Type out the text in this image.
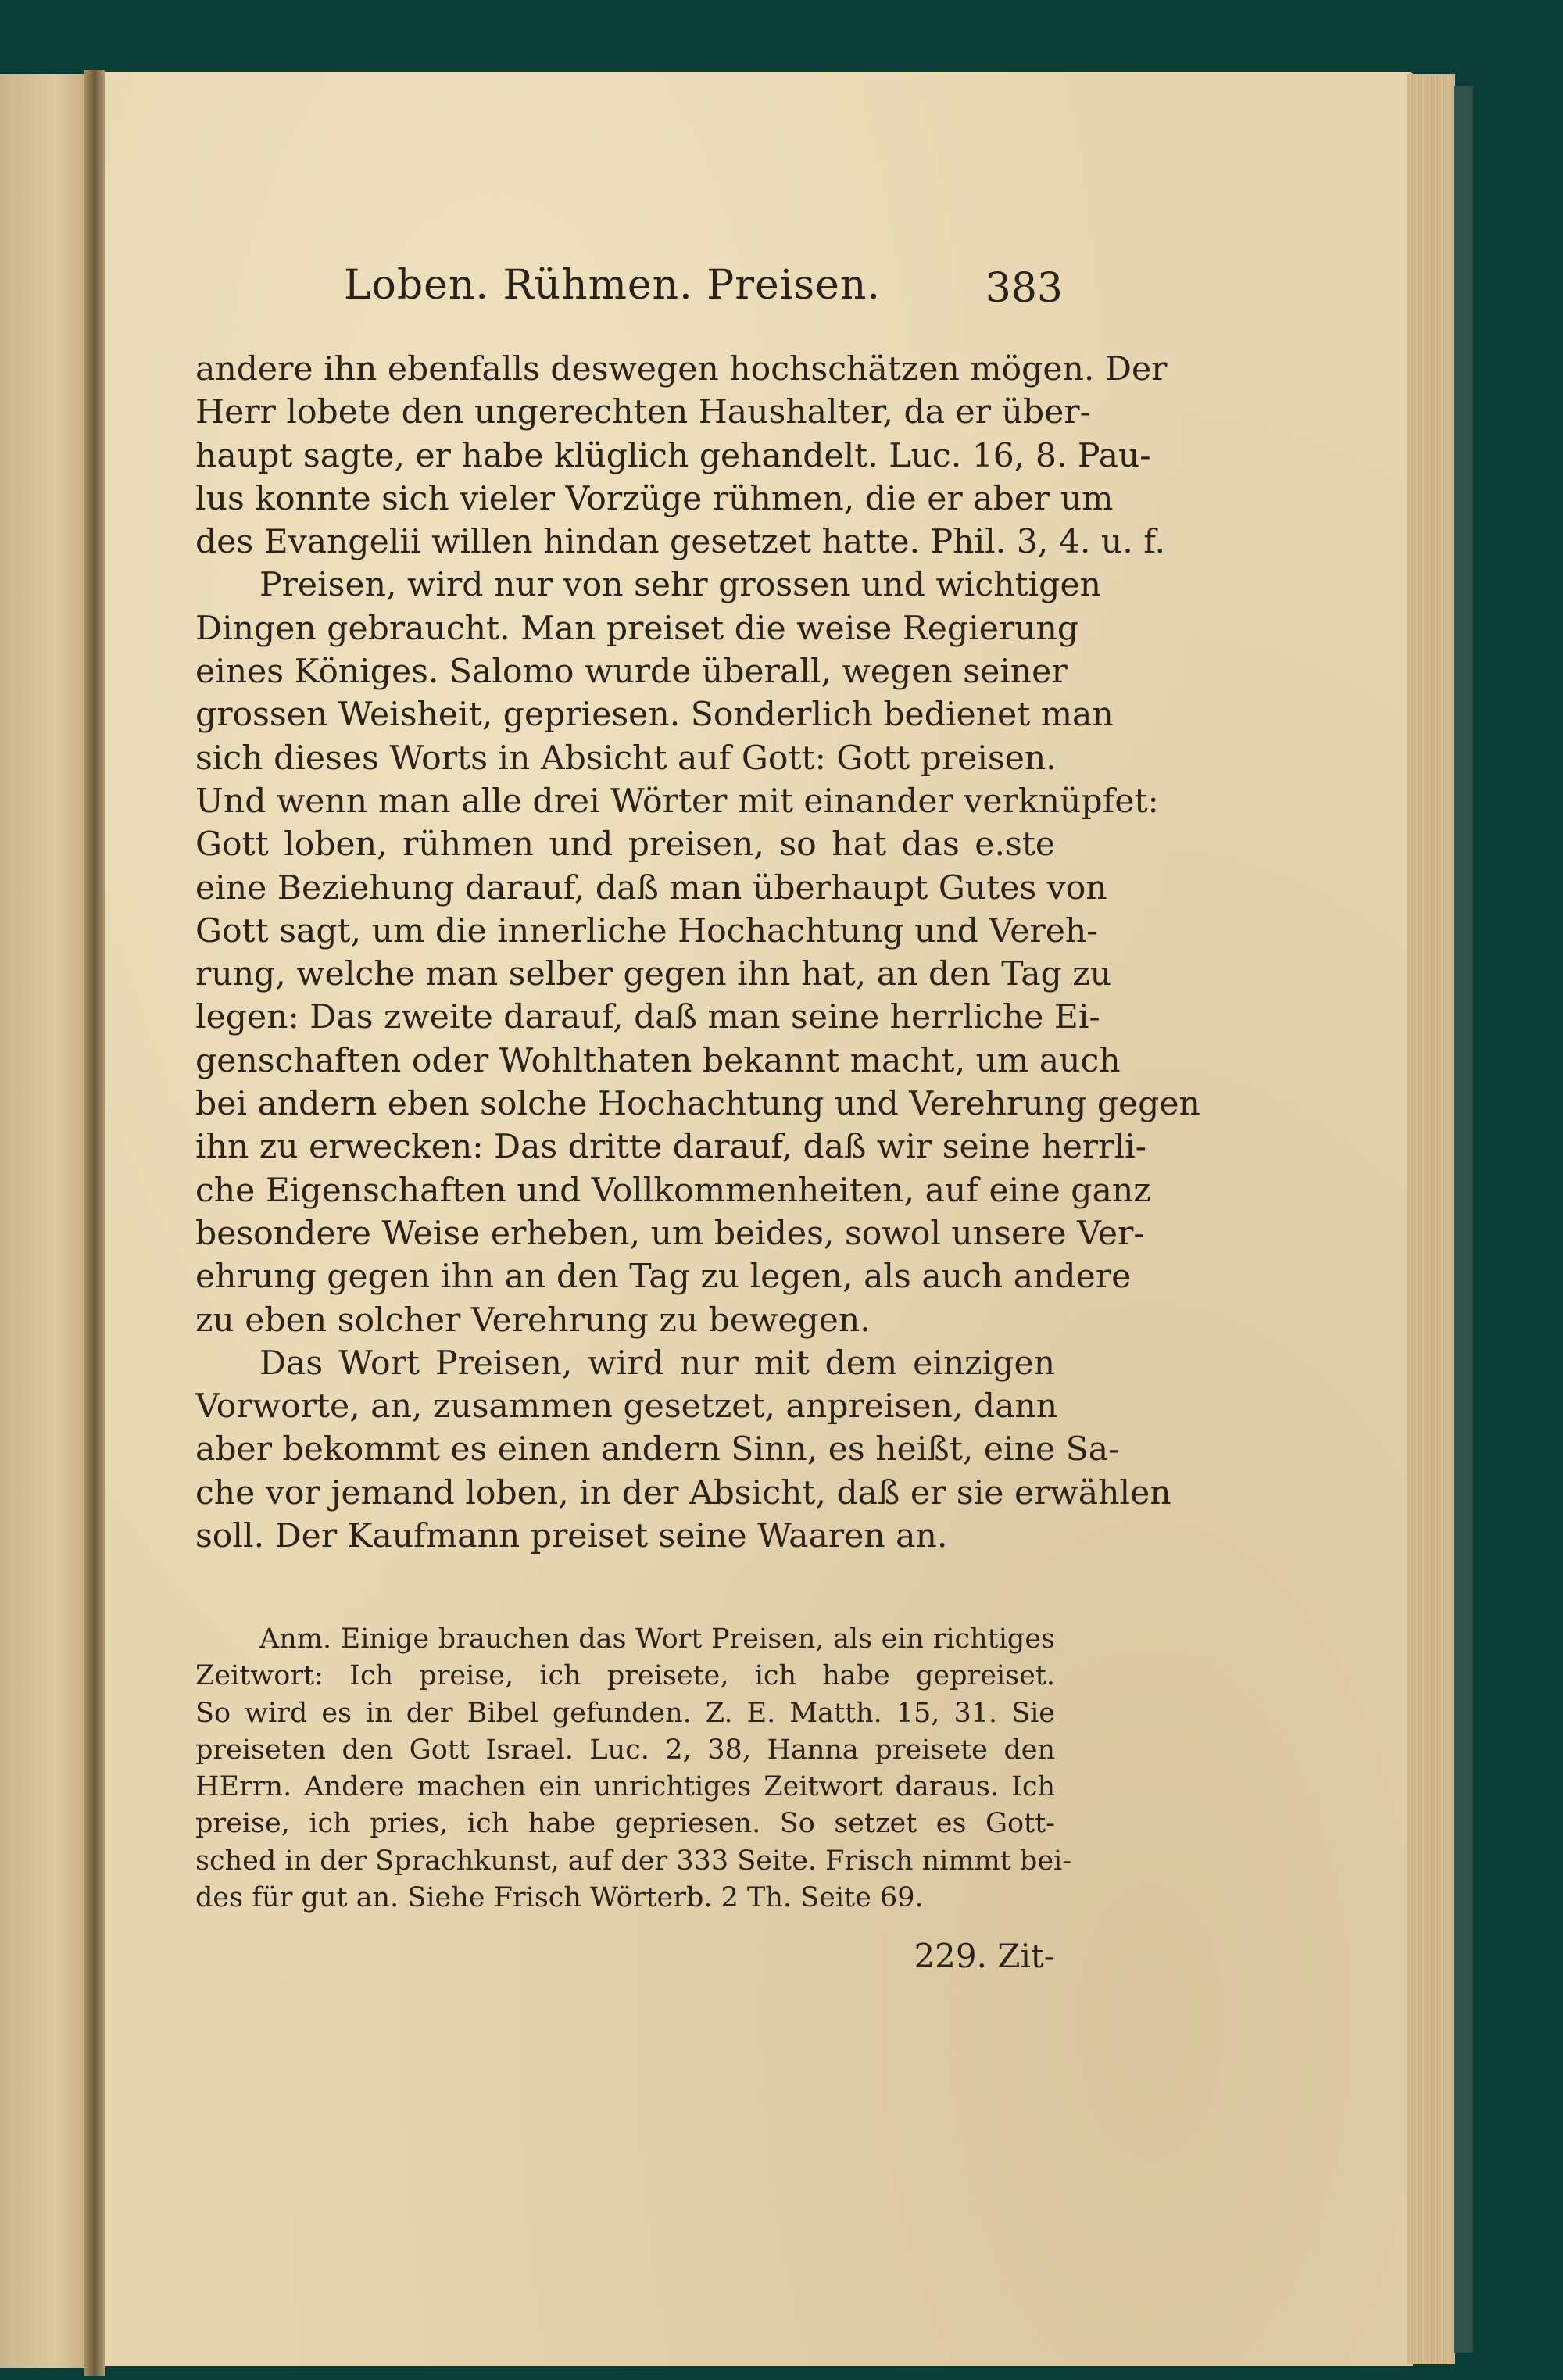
Loben. Rühmen. Preisen.	383
andere ihn ebenfalls deswegen hochschätzen mögen. Der
Herr lobete den ungerechten Haushalter, da er über-
haupt sagte, er habe klüglich gehandelt. Luc. 16, 8. Pau-
lus konnte sich vieler Vorzüge rühmen, die er aber um
des Evangelii willen hindan gesetzet hatte. Phil. 3, 4. u. f.
Preisen, wird nur von sehr grossen und wichtigen
Dingen gebraucht. Man preiset die weise Regierung
eines Königes. Salomo wurde überall, wegen seiner
grossen Weisheit, gepriesen. Sonderlich bedienet man
sich dieses Worts in Absicht auf Gott: Gott preisen.
Und wenn man alle drei Wörter mit einander verknüpfet:
Gott loben, rühmen und preisen, so hat das e.ste
eine Beziehung darauf, daß man überhaupt Gutes von
Gott sagt, um die innerliche Hochachtung und Vereh-
rung, welche man selber gegen ihn hat, an den Tag zu
legen: Das zweite darauf, daß man seine herrliche Ei-
genschaften oder Wohlthaten bekannt macht, um auch
bei andern eben solche Hochachtung und Verehrung gegen
ihn zu erwecken: Das dritte darauf, daß wir seine herrli-
che Eigenschaften und Vollkommenheiten, auf eine ganz
besondere Weise erheben, um beides, sowol unsere Ver-
ehrung gegen ihn an den Tag zu legen, als auch andere
zu eben solcher Verehrung zu bewegen.
Das Wort Preisen, wird nur mit dem einzigen
Vorworte, an, zusammen gesetzet, anpreisen, dann
aber bekommt es einen andern Sinn, es heißt, eine Sa-
che vor jemand loben, in der Absicht, daß er sie erwählen
soll. Der Kaufmann preiset seine Waaren an.
Anm. Einige brauchen das Wort Preisen, als ein richtiges
Zeitwort: Ich preise, ich preisete, ich habe gepreiset.
So wird es in der Bibel gefunden. Z. E. Matth. 15, 31. Sie
preiseten den Gott Israel. Luc. 2, 38, Hanna preisete den
HErrn. Andere machen ein unrichtiges Zeitwort daraus. Ich
preise, ich pries, ich habe gepriesen. So setzet es Gott-
sched in der Sprachkunst, auf der 333 Seite. Frisch nimmt bei-
des für gut an. Siehe Frisch Wörterb. 2 Th. Seite 69.
229. Zit-
